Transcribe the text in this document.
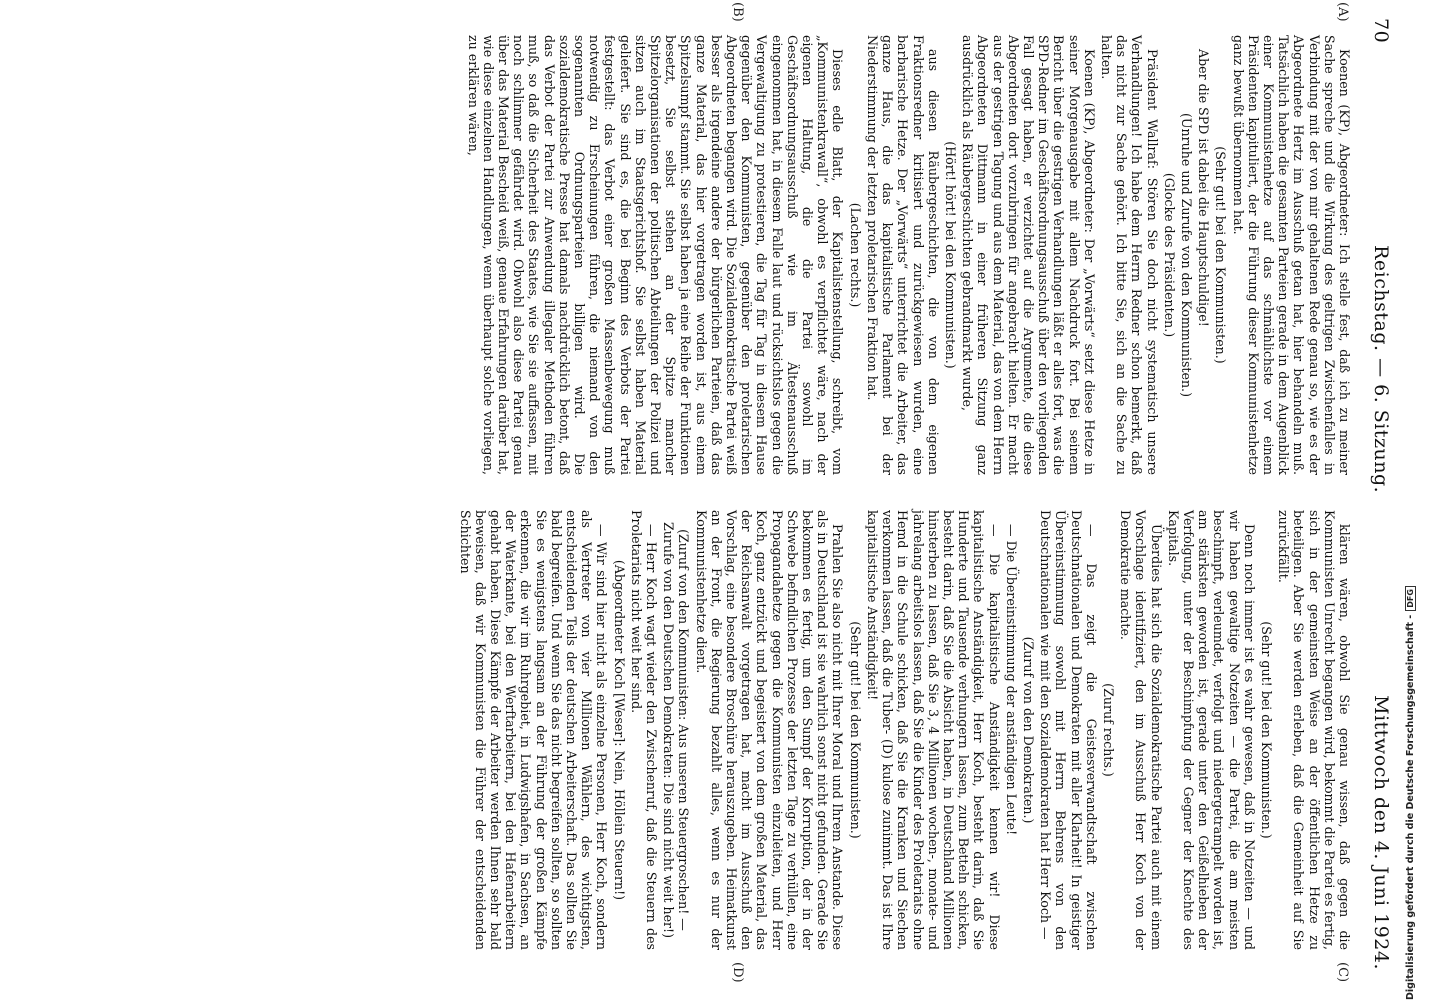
70
Reichstag. — 6. Sitzung.
Mittwoch den 4. Juni 1924.
(A)
(B)
(C)
(D)

Koenen (KP), Abgeordneter: Ich stelle fest, daß ich zu meiner Sache spreche und die Wirkung des geltrigen Zwischenfalles in Verbindung mit der von mir gehaltenen Rede genau so, wie es der Abgeordnete Hertz im Ausschuß getan hat, hier behandeln muß. Tatsächlich haben die gesamten Parteien gerade in dem Augenblick einer Kommunistenhetze auf das schmählichste vor einem Präsidenten kapituliert, der die Führung dieser Kommunistenhetze ganz bewußt übernommen hat.

(Sehr gut! bei den Kommunisten.)

Aber die SPD ist dabei die Hauptschuldige!

(Unruhe und Zurufe von den Kommunisten.)

(Glocke des Präsidenten.)

Präsident Wallraf: Stören Sie doch nicht systematisch unsere Verhandlungen! Ich habe dem Herrn Redner schon bemerkt, daß das nicht zur Sache gehört. Ich bitte Sie, sich an die Sache zu halten.

Koenen (KP), Abgeordneter: Der „Vorwärts“ setzt diese Hetze in seiner Morgenausgabe mit allem Nachdruck fort. Bei seinem Bericht über die gestrigen Verhandlungen läßt er alles fort, was die SPD-Redner im Geschäftsordnungsausschuß über den vorliegenden Fall gesagt haben, er verzichtet auf die Argumente, die diese Abgeordneten dort vorzubringen für angebracht hielten. Er macht aus der gestrigen Tagung und aus dem Material, das von dem Herrn Abgeordneten Dittmann in einer früheren Sitzung ganz ausdrücklich als Räubergeschichten gebrandmarkt wurde,

(Hört! hört! bei den Kommunisten.)

aus diesen Räubergeschichten, die von dem eigenen Fraktionsredner kritisiert und zurückgewiesen wurden, eine barbarische Hetze. Der „Vorwärts“ unterrichtet die Arbeiter, das ganze Haus, die das kapitalistische Parlament bei der Niederstimmung der letzten proletarischen Fraktion hat.

(Lachen rechts.)

Dieses edle Blatt, der Kapitalistenstellung, schreibt, vom „Kommunistenkrawall“, obwohl es verpflichtet wäre, nach der eigenen Haltung, die die Partei sowohl im Geschäftsordnungsausschuß wie im Ältestenausschuß eingenommen hat, in diesem Falle laut und rücksichtslos gegen die Vergewaltigung zu protestieren, die Tag für Tag in diesem Hause gegenüber den Kommunisten, gegenüber den proletarischen Abgeordneten begangen wird. Die Sozialdemokratische Partei weiß besser als irgendeine andere der bürgerlichen Parteien, daß das ganze Material, das hier vorgetragen worden ist, aus einem Spitzelsumpf stammt. Sie selbst haben ja eine Reihe der Funktionen besetzt, Sie selbst stehen an der Spitze mancher Spitzelorganisationen der politischen Abteilungen der Polizei und sitzen auch im Staatsgerichtshof. Sie selbst haben Material geliefert. Sie sind es, die bei Beginn des Verbots der Partei festgestellt: das Verbot einer großen Massenbewegung muß notwendig zu Erscheinungen führen, die niemand von den sogenannten Ordnungsparteien billigen wird. Die sozialdemokratische Presse hat damals nachdrücklich betont, daß das Verbot der Partei zur Anwendung illegaler Methoden führen muß, so daß die Sicherheit des Staates, wie Sie sie auffassen, mit noch schlimmer gefährdet wird. Obwohl also diese Partei genau über das Material Bescheid weiß, genaue Erfahrungen darüber hat, wie diese einzelnen Handlungen, wenn überhaupt solche vorliegen, zu erklären wären,

klären wären, obwohl Sie genau wissen, daß gegen die Kommunisten Unrecht begangen wird, bekommt die Partei es fertig, sich in der gemeinsten Weise an der öffentlichen Hetze zu beteiligen. Aber Sie werden erleben, daß die Gemeinheit auf Sie zurückfällt.

(Sehr gut! bei den Kommunisten.)

Denn noch immer ist es wahr gewesen, daß in Notzeiten — und wir haben gewaltige Notzeiten — die Partei, die am meisten beschimpft, verleumdet, verfolgt und niedergetrampelt worden ist, am stärksten geworden ist, gerade unter den Geißelhieben der Verfolgung, unter der Beschimpfung der Gegner der Knechte des Kapitals.

Überdies hat sich die Sozialdemokratische Partei auch mit einem Vorschlage identifiziert, den im Ausschuß Herr Koch von der Demokratie machte.

(Zuruf rechts.)

— Das zeigt die Geistesverwandtschaft zwischen Deutschnationalen und Demokraten mit aller Klarheit! In geistiger Übereinstimmung sowohl mit Herrn Behrens von den Deutschnationalen wie mit den Sozialdemokraten hat Herr Koch —

(Zuruf von den Demokraten.)

— Die Übereinstimmung der anständigen Leute!

— Die kapitalistische Anständigkeit kennen wir! Diese kapitalistische Anständigkeit, Herr Koch, besteht darin, daß Sie Hunderte und Tausende verhungern lassen, zum Betteln schicken, besteht darin, daß Sie die Absicht haben, in Deutschland Millionen hinsterben zu lassen, daß Sie 3, 4 Millionen wochen-, monate- und jahrelang arbeitslos lassen, daß Sie die Kinder des Proletariats ohne Hemd in die Schule schicken, daß Sie die Kranken und Siechen verkommen lassen, daß die Tuber- (D) kulose zunimmt. Das ist Ihre kapitalistische Anständigkeit!

(Sehr gut! bei den Kommunisten.)

Prahlen Sie also nicht mit Ihrer Moral und Ihrem Anstande. Diese als in Deutschland ist sie wahrlich sonst nicht gefunden. Gerade Sie bekommen es fertig, um den Sumpf der Korruption, der in der Schwebe befindlichen Prozesse der letzten Tage zu verhüllen, eine Propagandahetze gegen die Kommunisten einzuleiten, und Herr Koch, ganz entzückt und begeistert von dem großen Material, das der Reichsanwalt vorgetragen hat, macht im Ausschuß den Vorschlag, eine besondere Broschüre herauszugeben. Heimatkunst an der Front, die Regierung bezahlt alles, wenn es nur der Kommunistenhetze dient.

(Zuruf von den Kommunisten: Aus unseren Steuergroschen! — Zurufe von den Deutschen Demokraten: Die sind nicht weit her!)

— Herr Koch wagt wieder den Zwischenruf, daß die Steuern des Proletariats nicht weit her sind.

(Abgeordneter Koch [Weser]: Nein, Höllein Steuern!)

— Wir sind hier nicht als einzelne Personen, Herr Koch, sondern als Vertreter von vier Millionen Wählern, des wichtigsten, entscheidenden Teils der deutschen Arbeiterschaft. Das sollten Sie bald begreifen. Und wenn Sie das nicht begreifen sollten, so sollten Sie es wenigstens langsam an der Führung der großen Kämpfe erkennen, die wir im Ruhrgebiet, in Ludwigshafen, in Sachsen, an der Waterkante, bei den Werftarbeitern, bei den Hafenarbeitern gehabt haben. Diese Kämpfe der Arbeiter werden Ihnen sehr bald beweisen, daß wir Kommunisten die Führer der entscheidenden Schichten

Digitalisierung gefördert durch die Deutsche Forschungsgemeinschaft -
DFG
